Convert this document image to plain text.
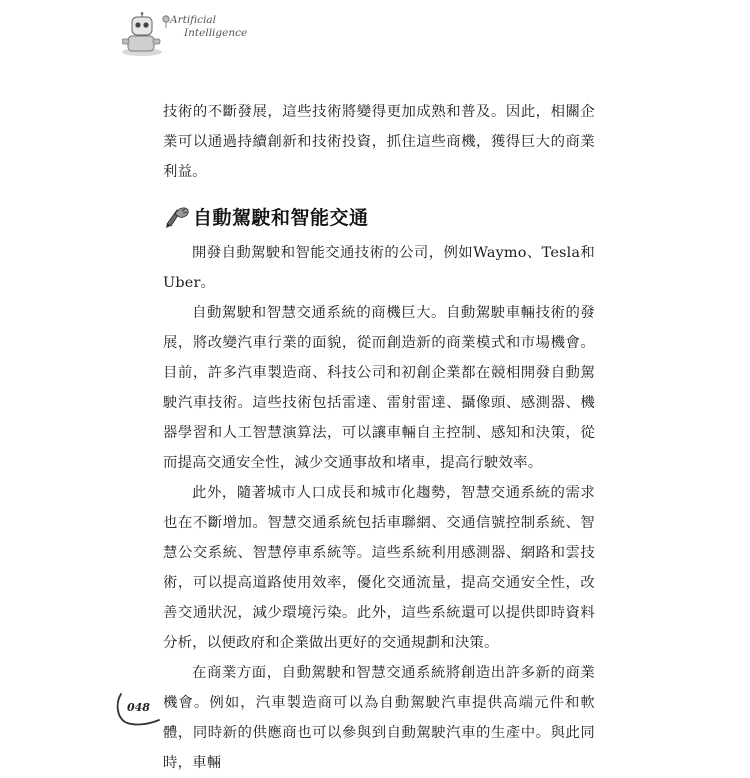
Artificial
Intelligence

技術的不斷發展，這些技術將變得更加成熟和普及。因此，相關企業可以通過持續創新和技術投資，抓住這些商機，獲得巨大的商業利益。

自動駕駛和智能交通

開發自動駕駛和智能交通技術的公司，例如Waymo、Tesla和Uber。

自動駕駛和智慧交通系統的商機巨大。自動駕駛車輛技術的發展，將改變汽車行業的面貌，從而創造新的商業模式和市場機會。目前，許多汽車製造商、科技公司和初創企業都在競相開發自動駕駛汽車技術。這些技術包括雷達、雷射雷達、攝像頭、感測器、機器學習和人工智慧演算法，可以讓車輛自主控制、感知和決策，從而提高交通安全性，減少交通事故和堵車，提高行駛效率。

此外，隨著城市人口成長和城市化趨勢，智慧交通系統的需求也在不斷增加。智慧交通系統包括車聯網、交通信號控制系統、智慧公交系統、智慧停車系統等。這些系統利用感測器、網路和雲技術，可以提高道路使用效率，優化交通流量，提高交通安全性，改善交通狀況，減少環境污染。此外，這些系統還可以提供即時資料分析，以便政府和企業做出更好的交通規劃和決策。

在商業方面，自動駕駛和智慧交通系統將創造出許多新的商業機會。例如，汽車製造商可以為自動駕駛汽車提供高端元件和軟體，同時新的供應商也可以參與到自動駕駛汽車的生產中。與此同時，車輛

048
